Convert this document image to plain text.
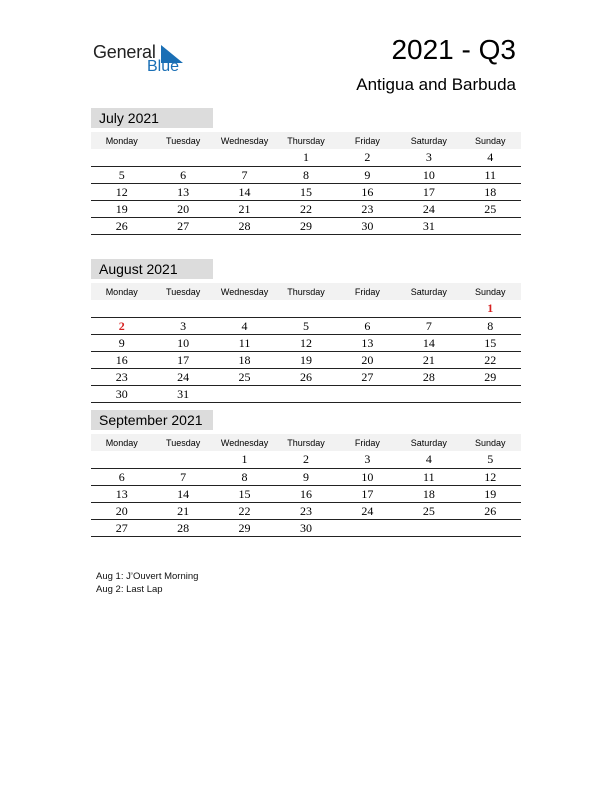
General
Blue
2021 - Q3
Antigua and Barbuda
July 2021
Monday	Tuesday	Wednesday	Thursday	Friday	Saturday	Sunday
			1	2	3	4
5	6	7	8	9	10	11
12	13	14	15	16	17	18
19	20	21	22	23	24	25
26	27	28	29	30	31	
August 2021
Monday	Tuesday	Wednesday	Thursday	Friday	Saturday	Sunday
						1
2	3	4	5	6	7	8
9	10	11	12	13	14	15
16	17	18	19	20	21	22
23	24	25	26	27	28	29
30	31					
September 2021
Monday	Tuesday	Wednesday	Thursday	Friday	Saturday	Sunday
		1	2	3	4	5
6	7	8	9	10	11	12
13	14	15	16	17	18	19
20	21	22	23	24	25	26
27	28	29	30			
Aug 1: J’Ouvert Morning
Aug 2: Last Lap
